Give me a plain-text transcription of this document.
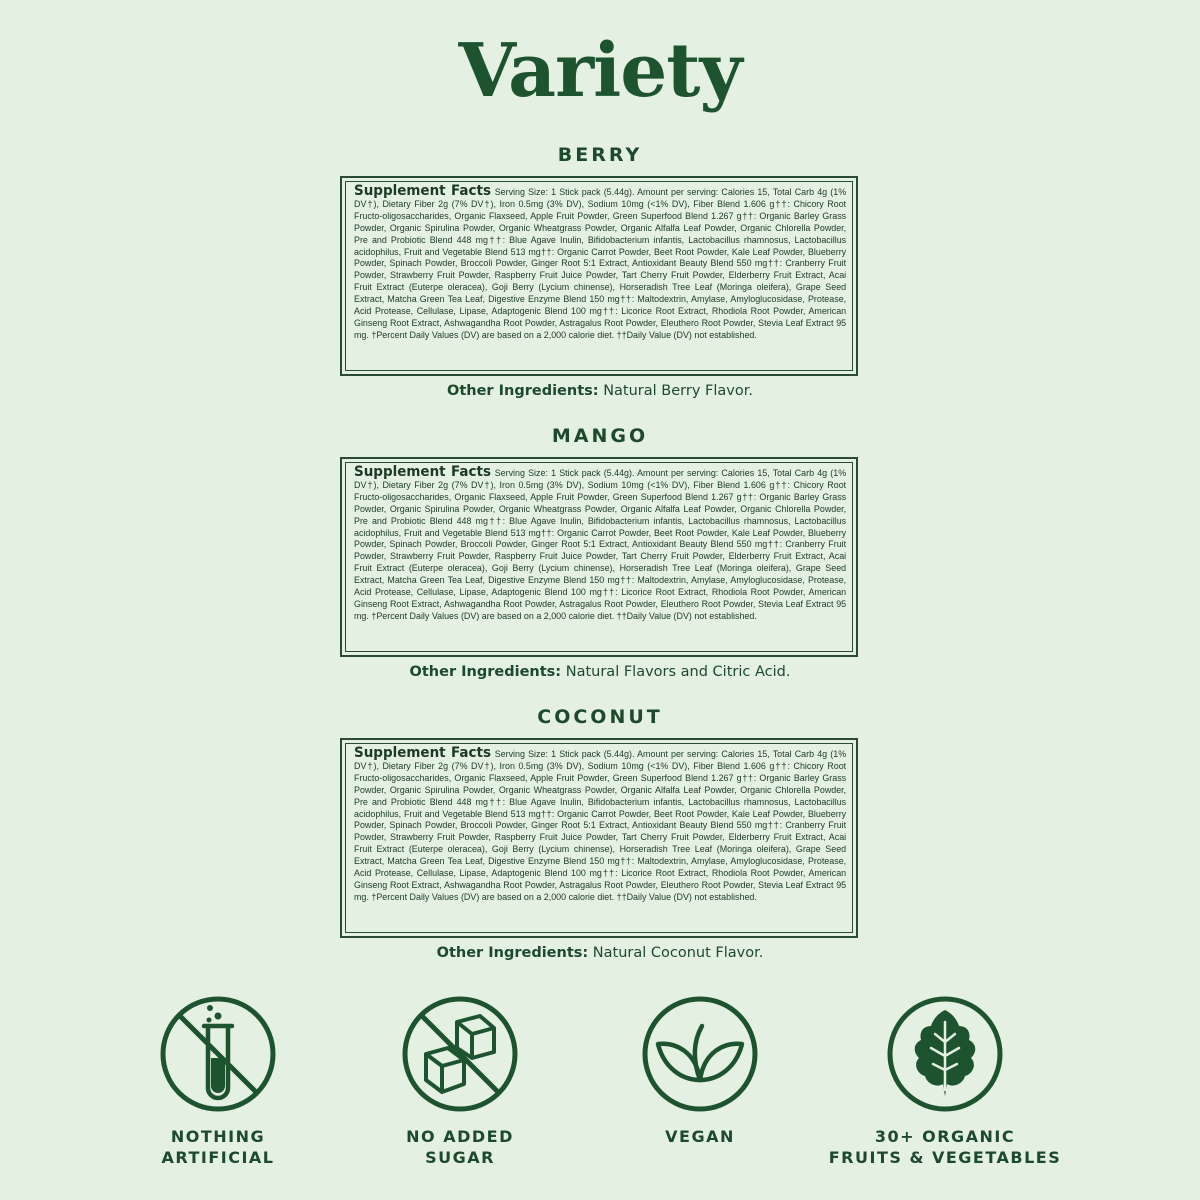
Variety
BERRY
Supplement Facts Serving Size: 1 Stick pack (5.44g). Amount per serving: Calories 15, Total Carb 4g (1% DV†), Dietary Fiber 2g (7% DV†), Iron 0.5mg (3% DV), Sodium 10mg (<1% DV), Fiber Blend 1.606 g††: Chicory Root Fructo-oligosaccharides, Organic Flaxseed, Apple Fruit Powder, Green Superfood Blend 1.267 g††: Organic Barley Grass Powder, Organic Spirulina Powder, Organic Wheatgrass Powder, Organic Alfalfa Leaf Powder, Organic Chlorella Powder, Pre and Probiotic Blend 448 mg††: Blue Agave Inulin, Bifidobacterium infantis, Lactobacillus rhamnosus, Lactobacillus acidophilus, Fruit and Vegetable Blend 513 mg††: Organic Carrot Powder, Beet Root Powder, Kale Leaf Powder, Blueberry Powder, Spinach Powder, Broccoli Powder, Ginger Root 5:1 Extract, Antioxidant Beauty Blend 550 mg††: Cranberry Fruit Powder, Strawberry Fruit Powder, Raspberry Fruit Juice Powder, Tart Cherry Fruit Powder, Elderberry Fruit Extract, Acai Fruit Extract (Euterpe oleracea), Goji Berry (Lycium chinense), Horseradish Tree Leaf (Moringa oleifera), Grape Seed Extract, Matcha Green Tea Leaf, Digestive Enzyme Blend 150 mg††: Maltodextrin, Amylase, Amyloglucosidase, Protease, Acid Protease, Cellulase, Lipase, Adaptogenic Blend 100 mg††: Licorice Root Extract, Rhodiola Root Powder, American Ginseng Root Extract, Ashwagandha Root Powder, Astragalus Root Powder, Eleuthero Root Powder, Stevia Leaf Extract 95 mg. †Percent Daily Values (DV) are based on a 2,000 calorie diet. ††Daily Value (DV) not established.
Other Ingredients: Natural Berry Flavor.
MANGO
Supplement Facts Serving Size: 1 Stick pack (5.44g). Amount per serving: Calories 15, Total Carb 4g (1% DV†), Dietary Fiber 2g (7% DV†), Iron 0.5mg (3% DV), Sodium 10mg (<1% DV), Fiber Blend 1.606 g††: Chicory Root Fructo-oligosaccharides, Organic Flaxseed, Apple Fruit Powder, Green Superfood Blend 1.267 g††: Organic Barley Grass Powder, Organic Spirulina Powder, Organic Wheatgrass Powder, Organic Alfalfa Leaf Powder, Organic Chlorella Powder, Pre and Probiotic Blend 448 mg††: Blue Agave Inulin, Bifidobacterium infantis, Lactobacillus rhamnosus, Lactobacillus acidophilus, Fruit and Vegetable Blend 513 mg††: Organic Carrot Powder, Beet Root Powder, Kale Leaf Powder, Blueberry Powder, Spinach Powder, Broccoli Powder, Ginger Root 5:1 Extract, Antioxidant Beauty Blend 550 mg††: Cranberry Fruit Powder, Strawberry Fruit Powder, Raspberry Fruit Juice Powder, Tart Cherry Fruit Powder, Elderberry Fruit Extract, Acai Fruit Extract (Euterpe oleracea), Goji Berry (Lycium chinense), Horseradish Tree Leaf (Moringa oleifera), Grape Seed Extract, Matcha Green Tea Leaf, Digestive Enzyme Blend 150 mg††: Maltodextrin, Amylase, Amyloglucosidase, Protease, Acid Protease, Cellulase, Lipase, Adaptogenic Blend 100 mg††: Licorice Root Extract, Rhodiola Root Powder, American Ginseng Root Extract, Ashwagandha Root Powder, Astragalus Root Powder, Eleuthero Root Powder, Stevia Leaf Extract 95 mg. †Percent Daily Values (DV) are based on a 2,000 calorie diet. ††Daily Value (DV) not established.
Other Ingredients: Natural Flavors and Citric Acid.
COCONUT
Supplement Facts Serving Size: 1 Stick pack (5.44g). Amount per serving: Calories 15, Total Carb 4g (1% DV†), Dietary Fiber 2g (7% DV†), Iron 0.5mg (3% DV), Sodium 10mg (<1% DV), Fiber Blend 1.606 g††: Chicory Root Fructo-oligosaccharides, Organic Flaxseed, Apple Fruit Powder, Green Superfood Blend 1.267 g††: Organic Barley Grass Powder, Organic Spirulina Powder, Organic Wheatgrass Powder, Organic Alfalfa Leaf Powder, Organic Chlorella Powder, Pre and Probiotic Blend 448 mg††: Blue Agave Inulin, Bifidobacterium infantis, Lactobacillus rhamnosus, Lactobacillus acidophilus, Fruit and Vegetable Blend 513 mg††: Organic Carrot Powder, Beet Root Powder, Kale Leaf Powder, Blueberry Powder, Spinach Powder, Broccoli Powder, Ginger Root 5:1 Extract, Antioxidant Beauty Blend 550 mg††: Cranberry Fruit Powder, Strawberry Fruit Powder, Raspberry Fruit Juice Powder, Tart Cherry Fruit Powder, Elderberry Fruit Extract, Acai Fruit Extract (Euterpe oleracea), Goji Berry (Lycium chinense), Horseradish Tree Leaf (Moringa oleifera), Grape Seed Extract, Matcha Green Tea Leaf, Digestive Enzyme Blend 150 mg††: Maltodextrin, Amylase, Amyloglucosidase, Protease, Acid Protease, Cellulase, Lipase, Adaptogenic Blend 100 mg††: Licorice Root Extract, Rhodiola Root Powder, American Ginseng Root Extract, Ashwagandha Root Powder, Astragalus Root Powder, Eleuthero Root Powder, Stevia Leaf Extract 95 mg. †Percent Daily Values (DV) are based on a 2,000 calorie diet. ††Daily Value (DV) not established.
Other Ingredients: Natural Coconut Flavor.
NOTHING
ARTIFICIAL
NO ADDED
SUGAR
VEGAN	30+ ORGANIC
FRUITS & VEGETABLES
